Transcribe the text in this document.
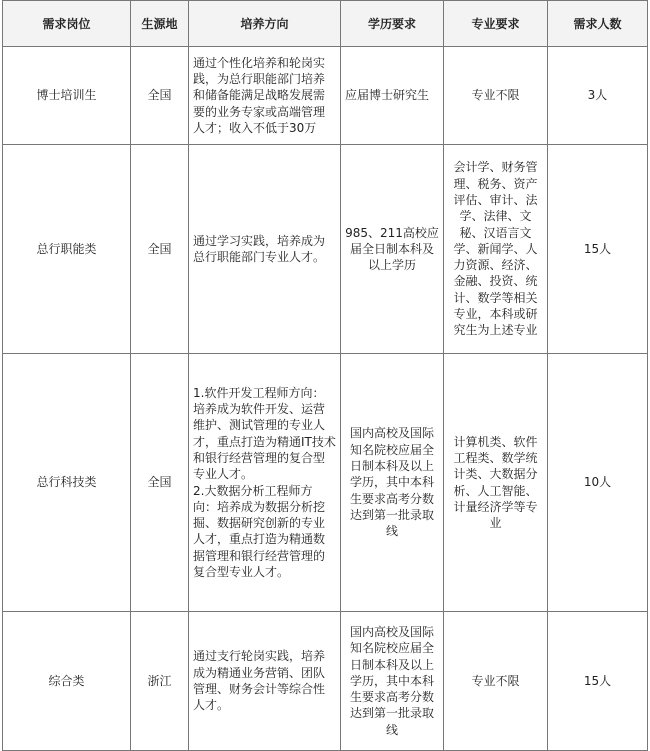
需求岗位	生源地	培养方向	学历要求	专业要求	需求人数
博士培训生	全国	通过个性化培养和轮岗实践，为总行职能部门培养和储备能满足战略发展需要的业务专家或高端管理人才；收入不低于30万	应届博士研究生	专业不限	3人
总行职能类	全国	通过学习实践，培养成为总行职能部门专业人才。	985、211高校应届全日制本科及以上学历	会计学、财务管理、税务、资产评估、审计、法学、法律、文秘、汉语言文学、新闻学、人力资源、经济、金融、投资、统计、数学等相关专业，本科或研究生为上述专业	15人
总行科技类	全国	1.软件开发工程师方向：培养成为软件开发、运营维护、测试管理的专业人才，重点打造为精通IT技术和银行经营管理的复合型专业人才。
2.大数据分析工程师方向：培养成为数据分析挖掘、数据研究创新的专业人才，重点打造为精通数据管理和银行经营管理的复合型专业人才。	国内高校及国际知名院校应届全日制本科及以上学历，其中本科生要求高考分数达到第一批录取线	计算机类、软件工程类、数学统计类、大数据分析、人工智能、计量经济学等专业	10人
综合类	浙江	通过支行轮岗实践，培养成为精通业务营销、团队管理、财务会计等综合性人才。	国内高校及国际知名院校应届全日制本科及以上学历，其中本科生要求高考分数达到第一批录取线	专业不限	15人
